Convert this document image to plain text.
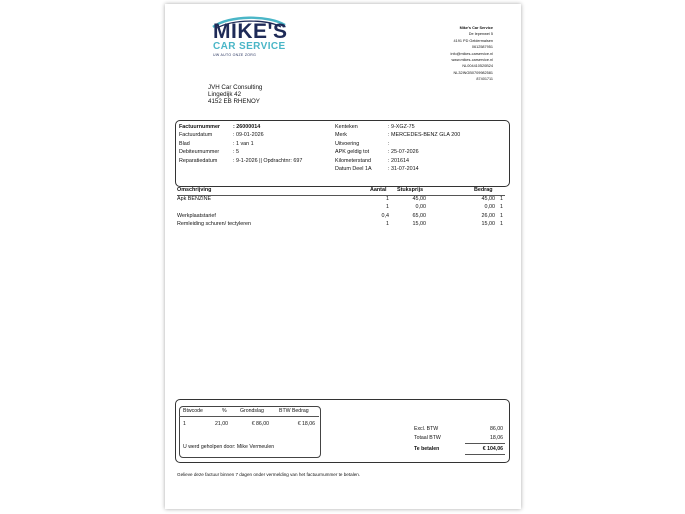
MIKE'S
CAR SERVICE
UW AUTO ONZE ZORG
Mike's Car Service
De Iepenwei 5
4191 PD Geldermalsen
0612587951
info@mikes-carservice.nl
www.mikes-carservice.nl
NL004410520B24
NL32INGB0709982581
87401711
JVH Car Consulting
Lingedijk 42
4152 EB RHENOY
Factuurnummer	: 26000014
Factuurdatum	: 09-01-2026
Blad	: 1 van 1
Debiteurnummer	: 5
Reparatiedatum	: 9-1-2026 || Opdrachtnr: 697
Kenteken	: 9-XGZ-75
Merk	: MERCEDES-BENZ GLA 200
Uitvoering	:
APK geldig tot	: 25-07-2026
Kilometerstand	: 201614
Datum Deel 1A	: 31-07-2014
Omschrijving	Aantal Stuksprijs	Bedrag
Apk BENZINE	1	45,00	45,00 1
1	0,00	0,00 1
Werkplaatstarief	0,4	65,00	26,00 1
Remleiding schuren/ tectyleren	1	15,00	15,00 1
Btwcode	%	Grondslag	BTW Bedrag
1	21,00	€ 86,00	€ 18,06
U werd geholpen door: Mike Vermeulen
Excl. BTW	86,00
Totaal BTW	18,06
Te betalen	€ 104,06
Gelieve deze factuur binnen 7 dagen onder vermelding van het factuurnummer te betalen.
